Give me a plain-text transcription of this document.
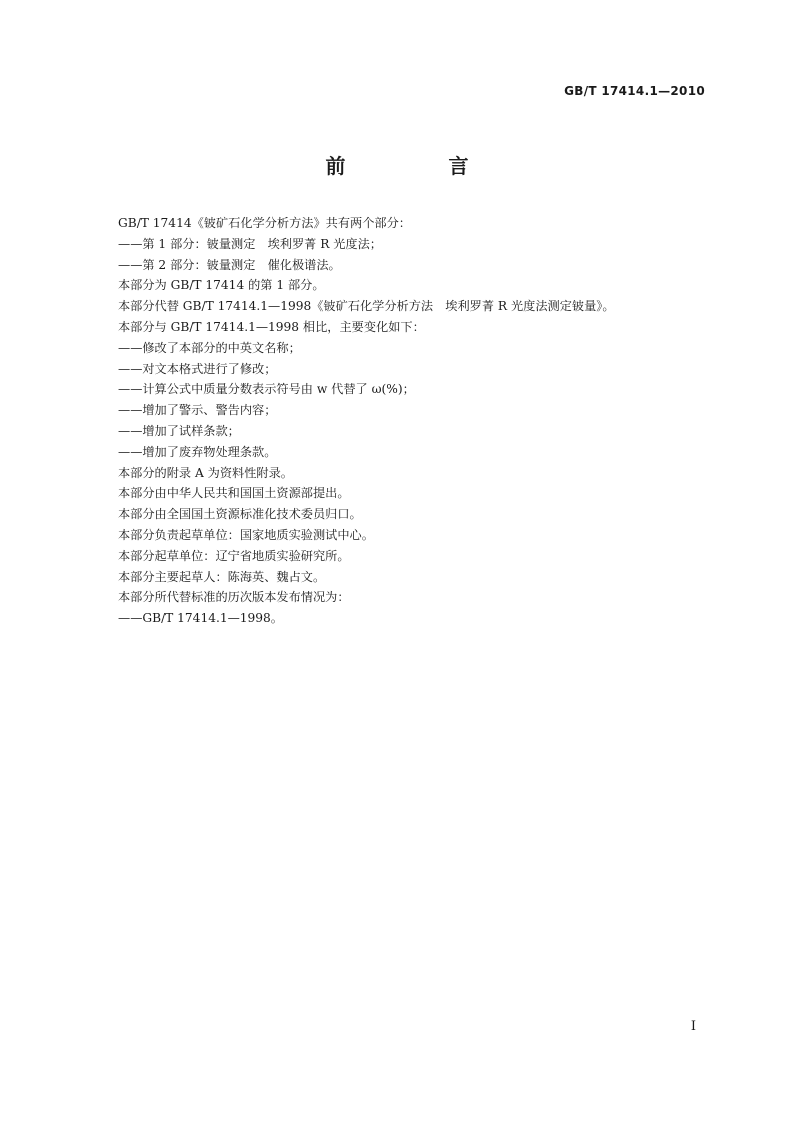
GB/T 17414.1—2010
前 言
GB/T 17414《铍矿石化学分析方法》共有两个部分：
——第 1 部分：铍量测定　埃利罗菁 R 光度法；
——第 2 部分：铍量测定　催化极谱法。
本部分为 GB/T 17414 的第 1 部分。
本部分代替 GB/T 17414.1—1998《铍矿石化学分析方法　埃利罗菁 R 光度法测定铍量》。
本部分与 GB/T 17414.1—1998 相比，主要变化如下：
——修改了本部分的中英文名称；
——对文本格式进行了修改；
——计算公式中质量分数表示符号由 w 代替了 ω(%)；
——增加了警示、警告内容；
——增加了试样条款；
——增加了废弃物处理条款。
本部分的附录 A 为资料性附录。
本部分由中华人民共和国国土资源部提出。
本部分由全国国土资源标准化技术委员归口。
本部分负责起草单位：国家地质实验测试中心。
本部分起草单位：辽宁省地质实验研究所。
本部分主要起草人：陈海英、魏占文。
本部分所代替标准的历次版本发布情况为：
——GB/T 17414.1—1998。
I
